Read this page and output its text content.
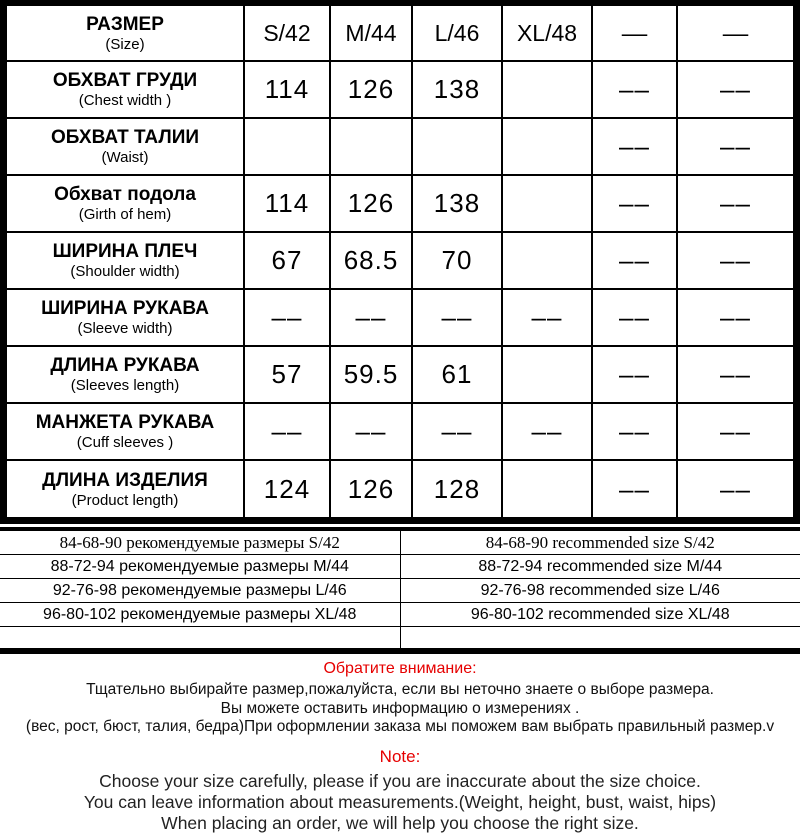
РАЗМЕР
(Size)	S/42	M/44	L/46	XL/48	––	––

ОБХВАТ ГРУДИ
(Chest width )	114	126	138		––	––

ОБХВАТ ТАЛИИ
(Waist)					––	––

Обхват подола
(Girth of hem)	114	126	138		––	––

ШИРИНА ПЛЕЧ
(Shoulder width)	67	68.5	70		––	––

ШИРИНА РУКАВА
(Sleeve width)	––	––	––	––	––	––

ДЛИНА РУКАВА
(Sleeves length)	57	59.5	61		––	––

МАНЖЕТА РУКАВА
(Cuff sleeves )	––	––	––	––	––	––

ДЛИНА ИЗДЕЛИЯ
(Product length)	124	126	128		––	––
84-68-90 рекомендуемые размеры S/42	84-68-90 recommended size S/42
88-72-94 рекомендуемые размеры M/44	88-72-94 recommended size M/44
92-76-98 рекомендуемые размеры L/46	92-76-98 recommended size L/46
96-80-102 рекомендуемые размеры XL/48	96-80-102 recommended size XL/48
Обратите внимание:
Тщательно выбирайте размер,пожалуйста, если вы неточно знаете о выборе размера.
Вы можете оставить информацию о измерениях .
(вес, рост, бюст, талия, бедра)При оформлении заказа мы поможем вам выбрать правильный размер.v
Note:
Choose your size carefully, please if you are inaccurate about the size choice.
You can leave information about measurements.(Weight, height, bust, waist, hips)
When placing an order, we will help you choose the right size.
